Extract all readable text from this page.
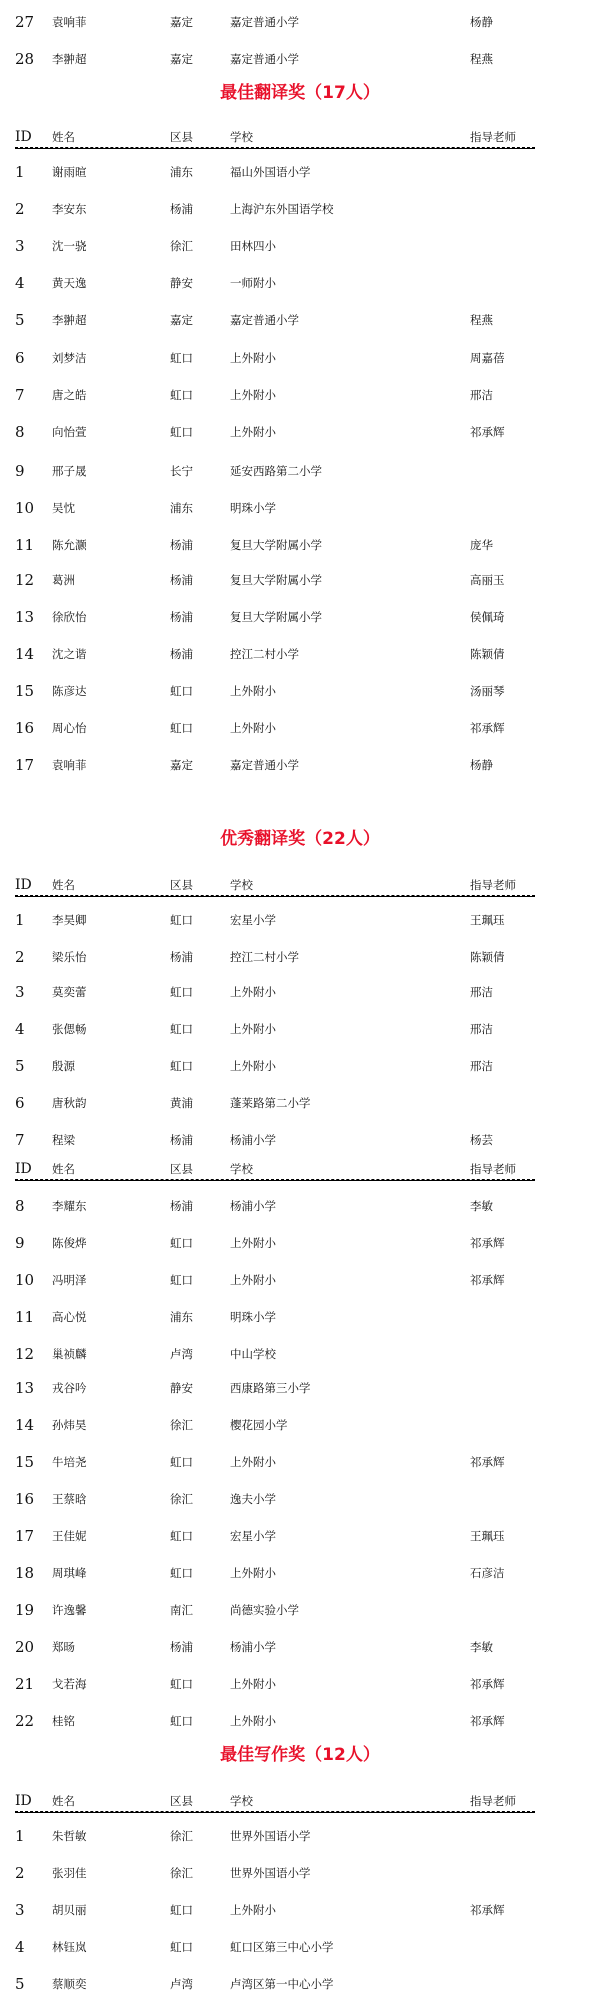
27 袁响菲	嘉定	嘉定普通小学	杨静
28 李翀超	嘉定	嘉定普通小学	程燕
最佳翻译奖（17人）
ID 姓名	区县	学校	指导老师
1 谢雨暄	浦东	福山外国语小学
2 李安东	杨浦	上海沪东外国语学校
3 沈一骁	徐汇	田林四小
4 黄天逸	静安	一师附小
5 李翀超	嘉定	嘉定普通小学	程燕
6 刘梦洁	虹口	上外附小	周嘉蓓
7 唐之皓	虹口	上外附小	邢洁
8 向怡萱	虹口	上外附小	祁承辉
9 邢子晟	长宁	延安西路第二小学
10 吴忱	浦东	明珠小学
11 陈允灏	杨浦	复旦大学附属小学	庞华
12 葛洲	杨浦	复旦大学附属小学	高丽玉
13 徐欣怡	杨浦	复旦大学附属小学	侯佩琦
14 沈之谐	杨浦	控江二村小学	陈颖倩
15 陈彦达	虹口	上外附小	汤丽琴
16 周心怡	虹口	上外附小	祁承辉
17 袁响菲	嘉定	嘉定普通小学	杨静
优秀翻译奖（22人）
ID 姓名	区县	学校	指导老师
1 李昊卿	虹口	宏星小学	王珮珏
2 梁乐怡	杨浦	控江二村小学	陈颖倩
3 莫奕蕾	虹口	上外附小	邢洁
4 张偲畅	虹口	上外附小	邢洁
5 殷源	虹口	上外附小	邢洁
6 唐秋韵	黄浦	蓬莱路第二小学
7 程梁	杨浦	杨浦小学	杨芸
ID 姓名	区县	学校	指导老师
8 李耀东	杨浦	杨浦小学	李敏
9 陈俊烨	虹口	上外附小	祁承辉
10 冯明泽	虹口	上外附小	祁承辉
11 高心悦	浦东	明珠小学
12 巢祯麟	卢湾	中山学校
13 戎谷吟	静安	西康路第三小学
14 孙炜昊	徐汇	樱花园小学
15 牛培尧	虹口	上外附小	祁承辉
16 王蔡晗	徐汇	逸夫小学
17 王佳妮	虹口	宏星小学	王珮珏
18 周琪峰	虹口	上外附小	石彦洁
19 许逸馨	南汇	尚德实验小学
20 郑旸	杨浦	杨浦小学	李敏
21 戈若海	虹口	上外附小	祁承辉
22 桂铭	虹口	上外附小	祁承辉
最佳写作奖（12人）
ID 姓名	区县	学校	指导老师
1 朱哲敏	徐汇	世界外国语小学
2 张羽佳	徐汇	世界外国语小学
3 胡贝丽	虹口	上外附小	祁承辉
4 林钰岚	虹口	虹口区第三中心小学
5 蔡顺奕	卢湾	卢湾区第一中心小学
